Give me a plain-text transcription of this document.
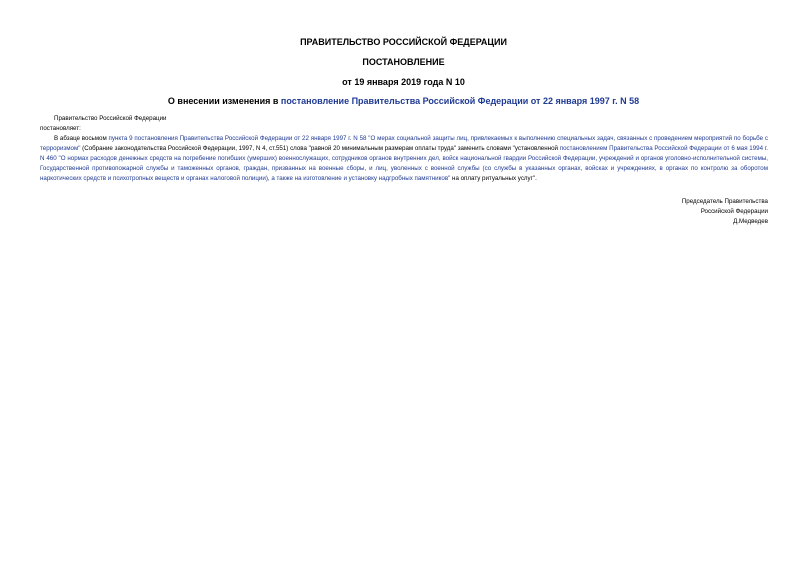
ПРАВИТЕЛЬСТВО РОССИЙСКОЙ ФЕДЕРАЦИИ
ПОСТАНОВЛЕНИЕ
от 19 января 2019 года N 10
О внесении изменения в постановление Правительства Российской Федерации от 22 января 1997 г. N 58
Правительство Российской Федерации
постановляет:
В абзаце восьмом пункта 9 постановления Правительства Российской Федерации от 22 января 1997 г. N 58 "О мерах социальной защиты лиц, привлекаемых к выполнению специальных задач, связанных с проведением мероприятий по борьбе с терроризмом" (Собрание законодательства Российской Федерации, 1997, N 4, ст.551) слова "равной 20 минимальным размерам оплаты труда" заменить словами "установленной постановлением Правительства Российской Федерации от 6 мая 1994 г. N 460 "О нормах расходов денежных средств на погребение погибших (умерших) военнослужащих, сотрудников органов внутренних дел, войск национальной гвардии Российской Федерации, учреждений и органов уголовно-исполнительной системы, Государственной противопожарной службы и таможенных органов, граждан, призванных на военные сборы, и лиц, уволенных с военной службы (со службы в указанных органах, войсках и учреждениях, в органах по контролю за оборотом наркотических средств и психотропных веществ и органах налоговой полиции), а также на изготовление и установку надгробных памятников" на оплату ритуальных услуг".
Председатель Правительства
Российской Федерации
Д.Медведев
